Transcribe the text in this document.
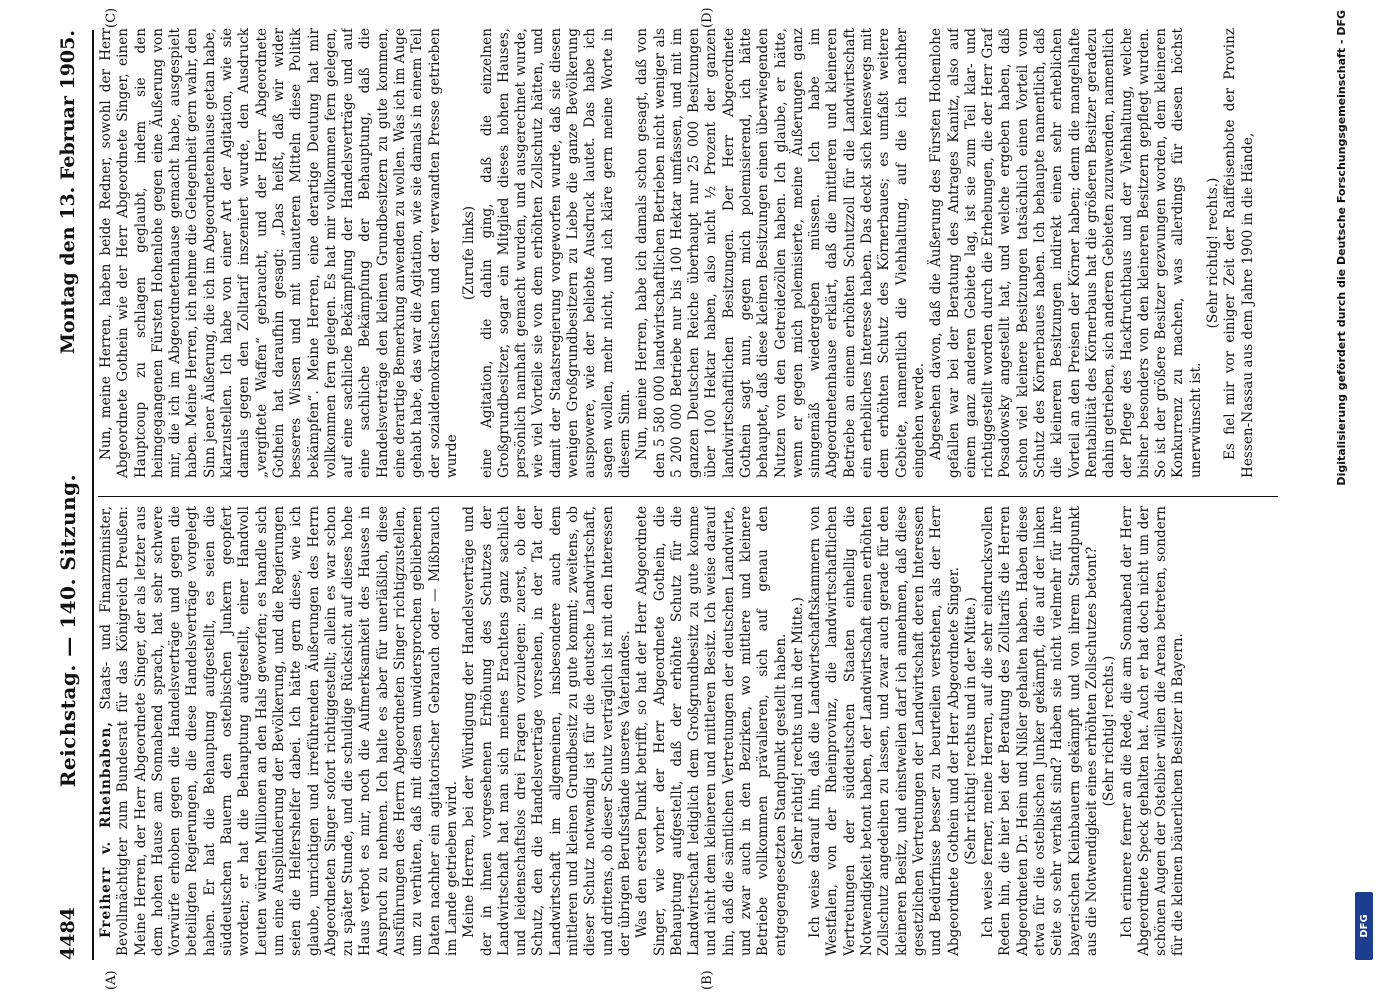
4484
Reichstag. — 140. Sitzung.
Montag den 13. Februar 1905.
(A)	(B)
(C)	(D)

Freiherr v. Rheinbaben, Staats- und Finanzminister, Bevollmächtigter zum Bundesrat für das Königreich Preußen: Meine Herren, der Herr Abgeordnete Singer, der als letzter aus dem hohen Hause am Sonnabend sprach, hat sehr schwere Vorwürfe erhoben gegen die Handelsverträge und gegen die beteiligten Regierungen, die diese Handelsverträge vorgelegt haben. Er hat die Behauptung aufgestellt, es seien die süddeutschen Bauern den ostelbischen Junkern geopfert worden; er hat die Behauptung aufgestellt, einer Handvoll Leuten würden Millionen an den Hals geworfen; es handle sich um eine Ausplünderung der Bevölkerung, und die Regierungen seien die Helfershelfer dabei. Ich hätte gern diese, wie ich glaube, unrichtigen und irreführenden Äußerungen des Herrn Abgeordneten Singer sofort richtiggestellt; allein es war schon zu später Stunde, und die schuldige Rücksicht auf dieses hohe Haus verbot es mir, noch die Aufmerksamkeit des Hauses in Anspruch zu nehmen. Ich halte es aber für unerläßlich, diese Ausführungen des Herrn Abgeordneten Singer richtigzustellen, um zu verhüten, daß mit diesen unwidersprochen gebliebenen Daten nachher ein agitatorischer Gebrauch oder — Mißbrauch im Lande getrieben wird. Meine Herren, bei der Würdigung der Handelsverträge und der in ihnen vorgesehenen Erhöhung des Schutzes der Landwirtschaft hat man sich meines Erachtens ganz sachlich und leidenschaftslos drei Fragen vorzulegen: zuerst, ob der Schutz, den die Handelsverträge vorsehen, in der Tat der Landwirtschaft im allgemeinen, insbesondere auch dem mittleren und kleinen Grundbesitz zu gute kommt; zweitens, ob dieser Schutz notwendig ist für die deutsche Landwirtschaft, und drittens, ob dieser Schutz verträglich ist mit den Interessen der übrigen Berufsstände unseres Vaterlandes. Was den ersten Punkt betrifft, so hat der Herr Abgeordnete Singer, wie vorher der Herr Abgeordnete Gothein, die Behauptung aufgestellt, daß der erhöhte Schutz für die Landwirtschaft lediglich dem Großgrundbesitz zu gute komme und nicht dem kleineren und mittleren Besitz. Ich weise darauf hin, daß die sämtlichen Vertretungen der deutschen Landwirte, und zwar auch in den Bezirken, wo mittlere und kleinere Betriebe vollkommen prävalieren, sich auf genau den entgegengesetzten Standpunkt gestellt haben. (Sehr richtig! rechts und in der Mitte.) Ich weise darauf hin, daß die Landwirtschaftskammern von Westfalen, von der Rheinprovinz, die landwirtschaftlichen Vertretungen der süddeutschen Staaten einhellig die Notwendigkeit betont haben, der Landwirtschaft einen erhöhten Zollschutz angedeihen zu lassen, und zwar auch gerade für den kleineren Besitz, und einstweilen darf ich annehmen, daß diese gesetzlichen Vertretungen der Landwirtschaft deren Interessen und Bedürfnisse besser zu beurteilen verstehen, als der Herr Abgeordnete Gothein und der Herr Abgeordnete Singer. (Sehr richtig! rechts und in der Mitte.) Ich weise ferner, meine Herren, auf die sehr eindrucksvollen Reden hin, die hier bei der Beratung des Zolltarifs die Herren Abgeordneten Dr. Heim und Nißler gehalten haben. Haben diese etwa für die ostelbischen Junker gekämpft, die auf der linken Seite so sehr verhaßt sind? Haben sie nicht vielmehr für ihre bayerischen Kleinbauern gekämpft und von ihrem Standpunkt aus die Notwendigkeit eines erhöhten Zollschutzes betont? (Sehr richtig! rechts.) Ich erinnere ferner an die Rede, die am Sonnabend der Herr Abgeordnete Speck gehalten hat. Auch er hat doch nicht um der schönen Augen der Ostelbier willen die Arena betreten, sondern für die kleinen bäuerlichen Besitzer in Bayern.

Nun, meine Herren, haben beide Redner, sowohl der Herr Abgeordnete Gothein wie der Herr Abgeordnete Singer, einen Hauptcoup zu schlagen geglaubt, indem sie den heimgegangenen Fürsten Hohenlohe gegen eine Äußerung von mir, die ich im Abgeordnetenhause gemacht habe, ausgespielt haben. Meine Herren, ich nehme die Gelegenheit gern wahr, den Sinn jener Äußerung, die ich im Abgeordnetenhause getan habe, klarzustellen. Ich habe von einer Art der Agitation, wie sie damals gegen den Zolltarif inszeniert wurde, den Ausdruck „vergiftete Waffen“ gebraucht, und der Herr Abgeordnete Gothein hat daraufhin gesagt: „Das heißt, daß wir wider besseres Wissen und mit unlauteren Mitteln diese Politik bekämpfen“. Meine Herren, eine derartige Deutung hat mir vollkommen fern gelegen. Es hat mir vollkommen fern gelegen, auf eine sachliche Bekämpfung der Handelsverträge und auf eine sachliche Bekämpfung der Behauptung, daß die Handelsverträge den kleinen Grundbesitzern zu gute kommen, eine derartige Bemerkung anwenden zu wollen. Was ich im Auge gehabt habe, das war die Agitation, wie sie damals in einem Teil der sozialdemokratischen und der verwandten Presse getrieben wurde

(Zurufe links) eine Agitation, die dahin ging, daß die einzelnen Großgrundbesitzer, sogar ein Mitglied dieses hohen Hauses, persönlich namhaft gemacht wurden, und ausgerechnet wurde, wie viel Vorteile sie von dem erhöhten Zollschutz hätten, und damit der Staatsregierung vorgeworfen wurde, daß sie diesen wenigen Großgrundbesitzern zu Liebe die ganze Bevölkerung auspowere, wie der beliebte Ausdruck lautet. Das habe ich sagen wollen, mehr nicht, und ich kläre gern meine Worte in diesem Sinn. Nun, meine Herren, habe ich damals schon gesagt, daß von den 5 580 000 landwirtschaftlichen Betrieben nicht weniger als 5 200 000 Betriebe nur bis 100 Hektar umfassen, und mit im ganzen Deutschen Reiche überhaupt nur 25 000 Besitzungen über 100 Hektar haben, also nicht ½ Prozent der ganzen landwirtschaftlichen Besitzungen. Der Herr Abgeordnete Gothein sagt nun, gegen mich polemisierend, ich hätte behauptet, daß diese kleinen Besitzungen einen überwiegenden Nutzen von den Getreidezöllen haben. Ich glaube, er hätte, wenn er gegen mich polemisierte, meine Äußerungen ganz sinngemäß wiedergeben müssen. Ich habe im Abgeordnetenhause erklärt, daß die mittleren und kleineren Betriebe an einem erhöhten Schutzzoll für die Landwirtschaft ein erhebliches Interesse haben. Das deckt sich keineswegs mit dem erhöhten Schutz des Körnerbaues; es umfaßt weitere Gebiete, namentlich die Viehhaltung, auf die ich nachher eingehen werde. Abgesehen davon, daß die Äußerung des Fürsten Hohenlohe gefallen war bei der Beratung des Antrages Kanitz, also auf einem ganz anderen Gebiete lag, ist sie zum Teil klar- und richtiggestellt worden durch die Erhebungen, die der Herr Graf Posadowsky angestellt hat, und welche ergeben haben, daß schon viel kleinere Besitzungen tatsächlich einen Vorteil vom Schutz des Körnerbaues haben. Ich behaupte namentlich, daß die kleineren Besitzungen indirekt einen sehr erheblichen Vorteil an den Preisen der Körner haben; denn die mangelhafte Rentabilität des Körnerbaus hat die größeren Besitzer geradezu dahin getrieben, sich anderen Gebieten zuzuwenden, namentlich der Pflege des Hackfruchtbaus und der Viehhaltung, welche bisher besonders von den kleineren Besitzern gepflegt wurden. So ist der größere Besitzer gezwungen worden, dem kleineren Konkurrenz zu machen, was allerdings für diesen höchst unerwünscht ist.

(Sehr richtig! rechts.) Es fiel mir vor einiger Zeit der Raiffeisenbote der Provinz Hessen-Nassau aus dem Jahre 1900 in die Hände,	Digitalisierung gefördert durch die Deutsche Forschungsgemeinschaft - DFG
DFG
